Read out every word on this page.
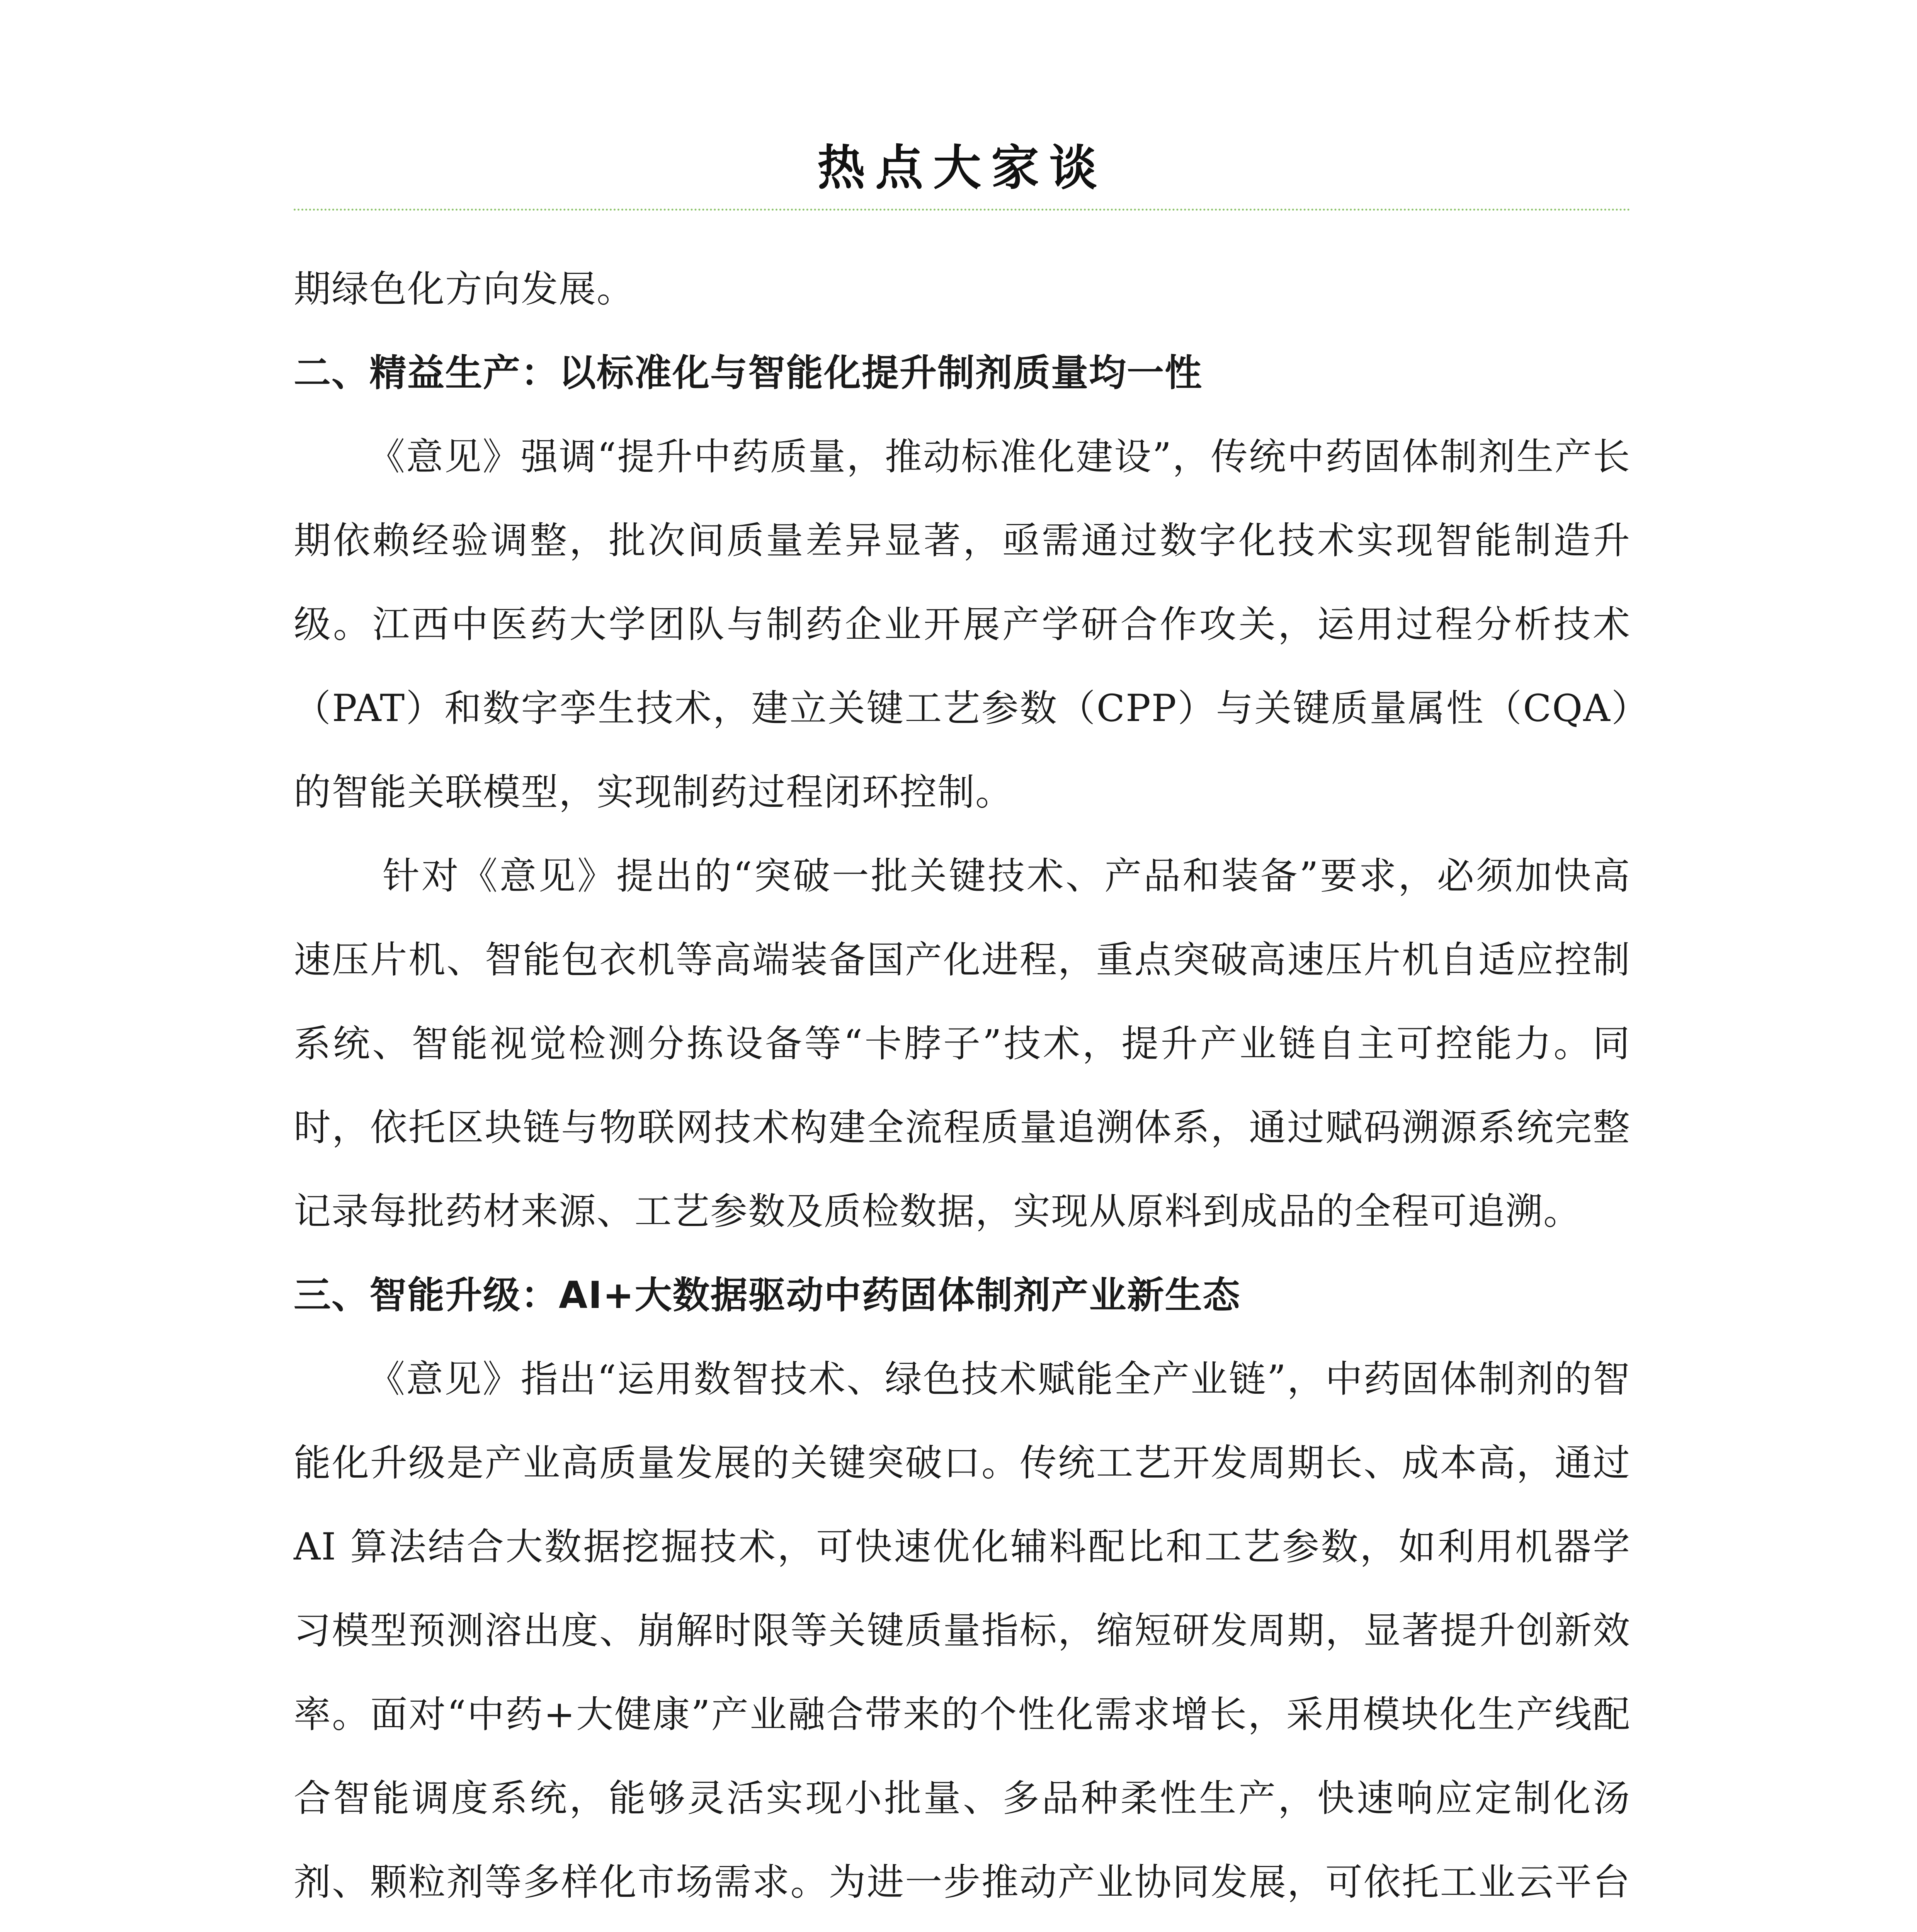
热点大家谈

期绿色化方向发展。

二、精益生产：以标准化与智能化提升制剂质量均一性

《意见》强调“提升中药质量，推动标准化建设”，传统中药固体制剂生产长期依赖经验调整，批次间质量差异显著，亟需通过数字化技术实现智能制造升级。江西中医药大学团队与制药企业开展产学研合作攻关，运用过程分析技术（PAT）和数字孪生技术，建立关键工艺参数（CPP）与关键质量属性（CQA）的智能关联模型，实现制药过程闭环控制。

针对《意见》提出的“突破一批关键技术、产品和装备”要求，必须加快高速压片机、智能包衣机等高端装备国产化进程，重点突破高速压片机自适应控制系统、智能视觉检测分拣设备等“卡脖子”技术，提升产业链自主可控能力。同时，依托区块链与物联网技术构建全流程质量追溯体系，通过赋码溯源系统完整记录每批药材来源、工艺参数及质检数据，实现从原料到成品的全程可追溯。

三、智能升级：AI+大数据驱动中药固体制剂产业新生态

《意见》指出“运用数智技术、绿色技术赋能全产业链”，中药固体制剂的智能化升级是产业高质量发展的关键突破口。传统工艺开发周期长、成本高，通过 AI 算法结合大数据挖掘技术，可快速优化辅料配比和工艺参数，如利用机器学习模型预测溶出度、崩解时限等关键质量指标，缩短研发周期，显著提升创新效率。面对“中药+大健康”产业融合带来的个性化需求增长，采用模块化生产线配合智能调度系统，能够灵活实现小批量、多品种柔性生产，快速响应定制化汤剂、颗粒剂等多样化市场需求。为进一步推动产业协同发展，可依托工业云平台
